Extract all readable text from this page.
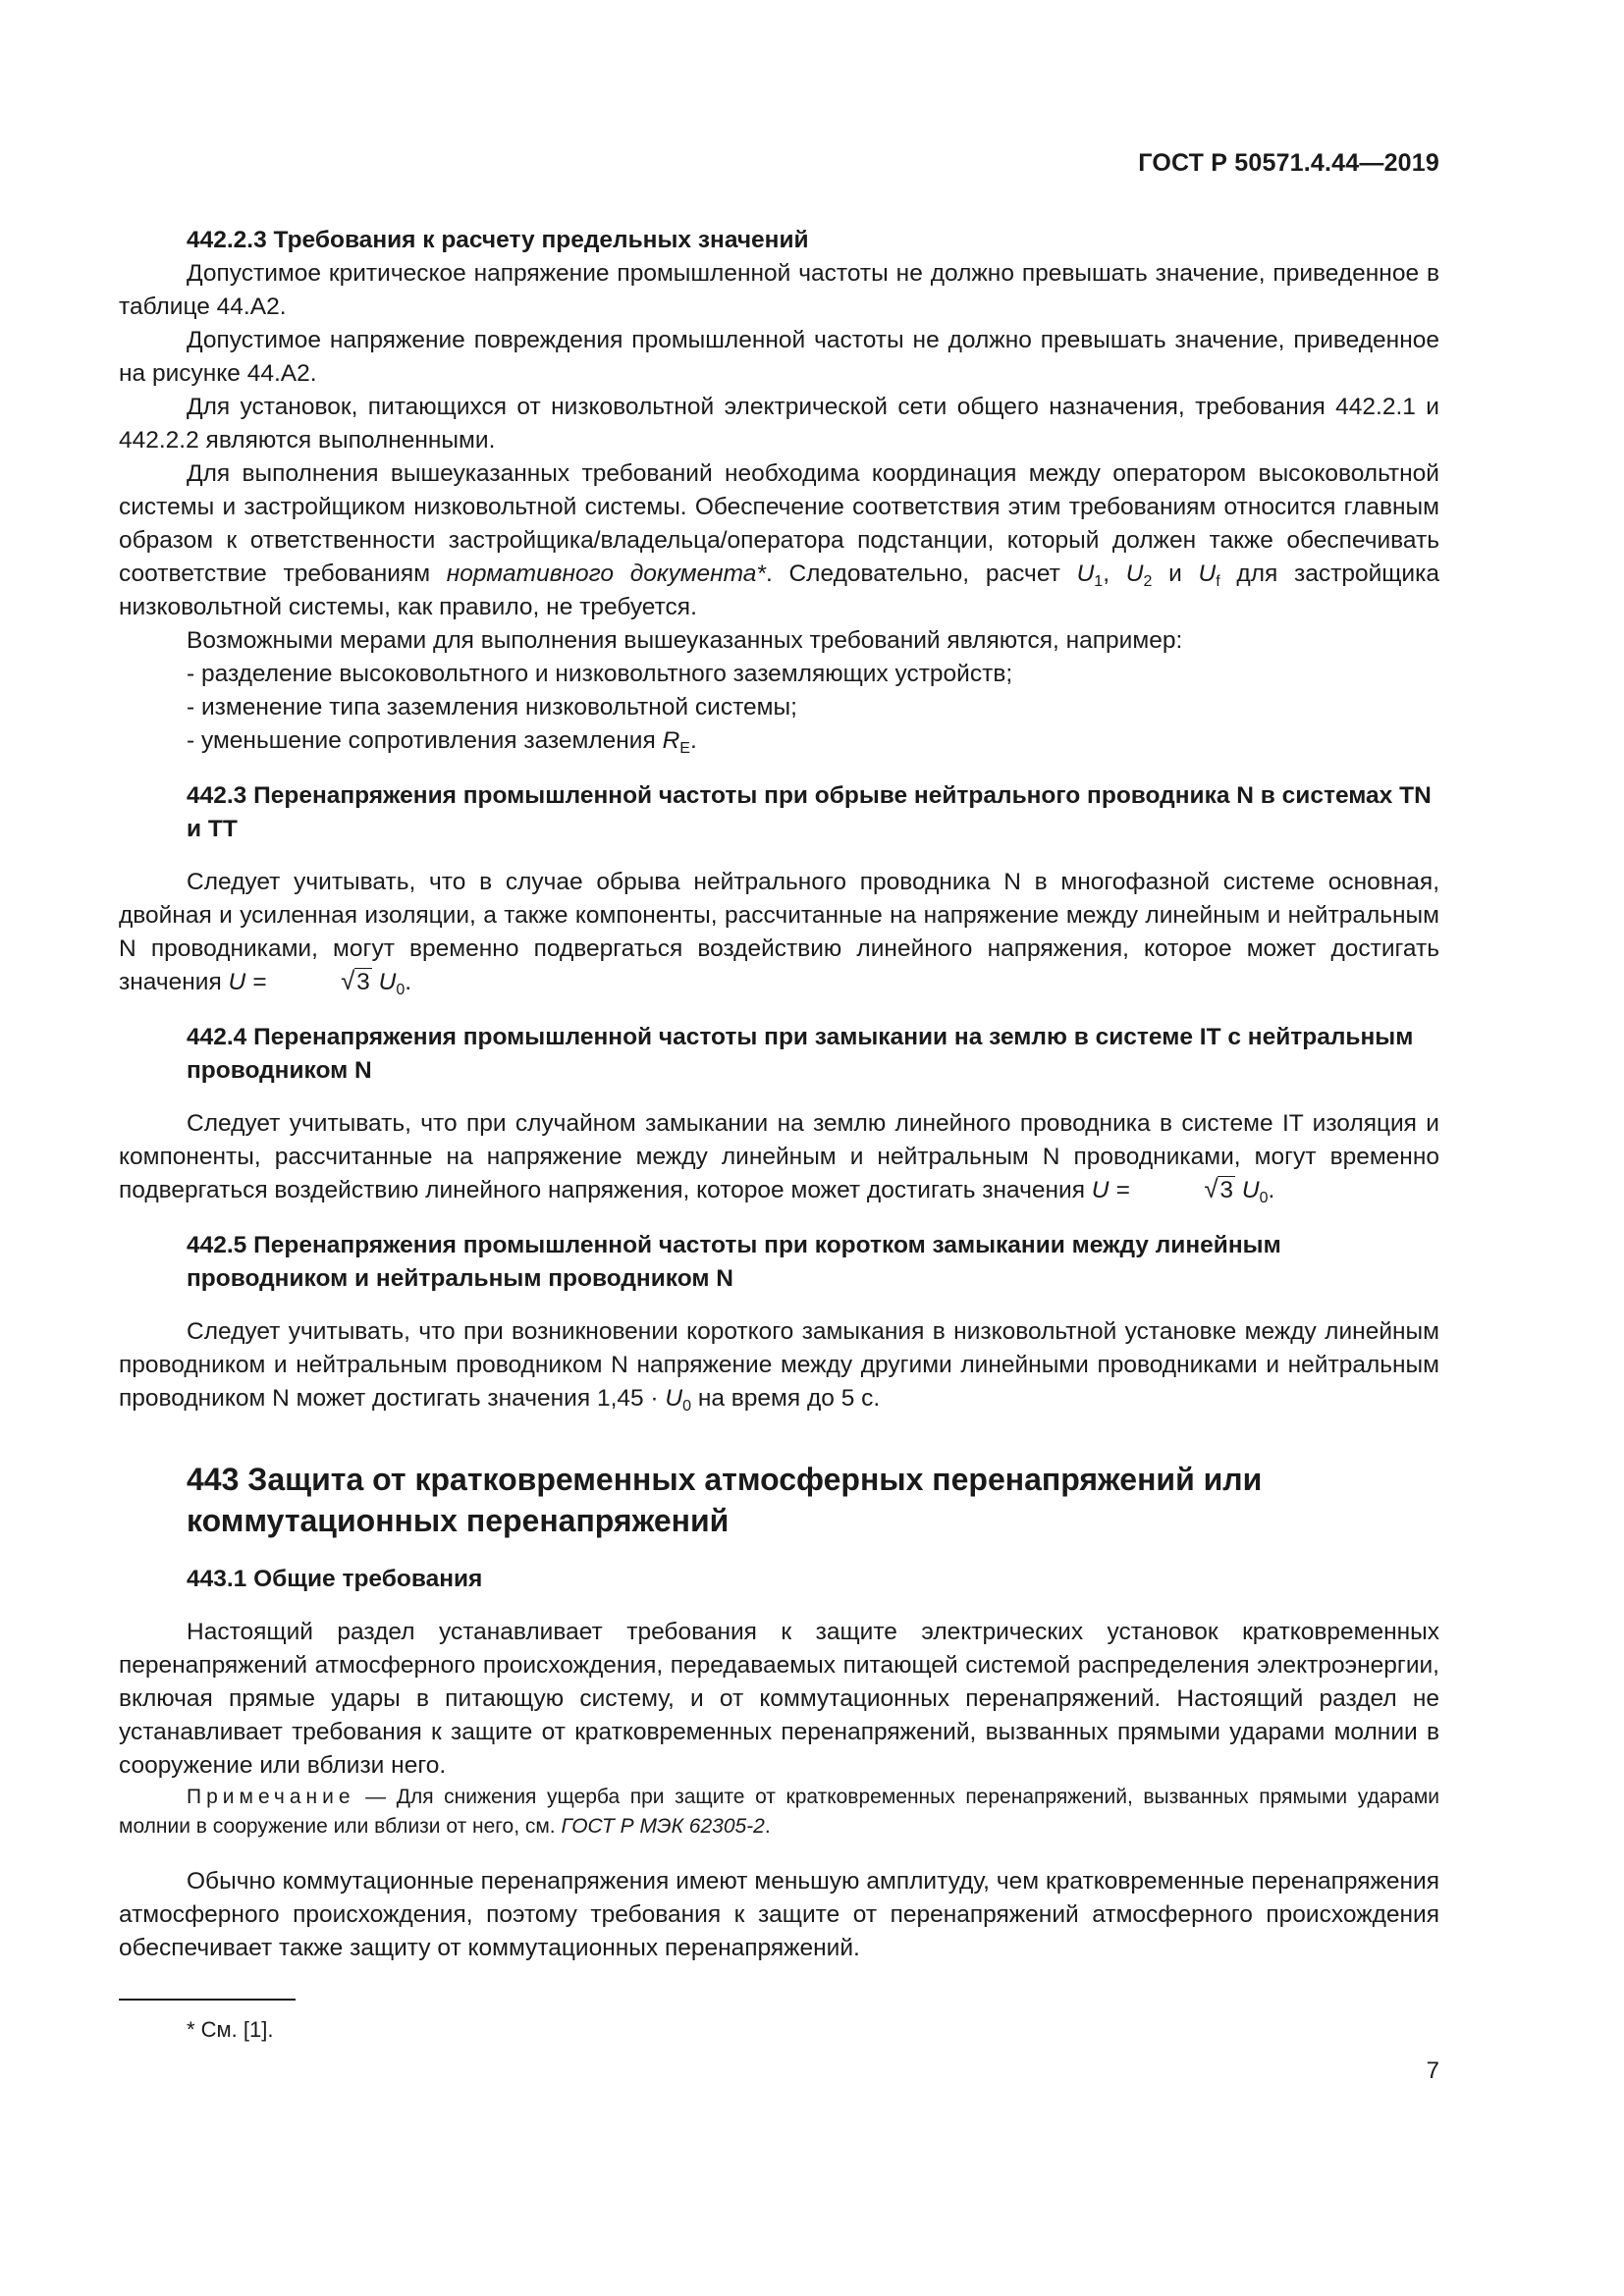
ГОСТ Р 50571.4.44—2019
442.2.3 Требования к расчету предельных значений

Допустимое критическое напряжение промышленной частоты не должно превышать значение, приведенное в таблице 44.А2.

Допустимое напряжение повреждения промышленной частоты не должно превышать значение, приведенное на рисунке 44.А2.

Для установок, питающихся от низковольтной электрической сети общего назначения, требования 442.2.1 и 442.2.2 являются выполненными.

Для выполнения вышеуказанных требований необходима координация между оператором высоковольтной системы и застройщиком низковольтной системы. Обеспечение соответствия этим требованиям относится главным образом к ответственности застройщика/владельца/оператора подстанции, который должен также обеспечивать соответствие требованиям нормативного документа*. Следовательно, расчет $U_1$, $U_2$ и $U_f$ для застройщика низковольтной системы, как правило, не требуется.

Возможными мерами для выполнения вышеуказанных требований являются, например:

- разделение высоковольтного и низковольтного заземляющих устройств;
- изменение типа заземления низковольтной системы;
- уменьшение сопротивления заземления $R_E$.
442.3 Перенапряжения промышленной частоты при обрыве нейтрального проводника N в системах TN и TT

Следует учитывать, что в случае обрыва нейтрального проводника N в многофазной системе основная, двойная и усиленная изоляции, а также компоненты, рассчитанные на напряжение между линейным и нейтральным N проводниками, могут временно подвергаться воздействию линейного напряжения, которое может достигать значения U =	√ 3 $U_0$.

442.4 Перенапряжения промышленной частоты при замыкании на землю в системе IT с нейтральным проводником N

Следует учитывать, что при случайном замыкании на землю линейного проводника в системе IT изоляция и компоненты, рассчитанные на напряжение между линейным и нейтральным N проводниками, могут временно подвергаться воздействию линейного напряжения, которое может достигать значения U =	√ 3 $U_0$.

442.5 Перенапряжения промышленной частоты при коротком замыкании между линейным проводником и нейтральным проводником N

Следует учитывать, что при возникновении короткого замыкания в низковольтной установке между линейным проводником и нейтральным проводником N напряжение между другими линейными проводниками и нейтральным проводником N может достигать значения $1,45 \cdot U_0$ на время до 5 с.

443 Защита от кратковременных атмосферных перенапряжений или коммутационных перенапряжений
443.1 Общие требования

Настоящий раздел устанавливает требования к защите электрических установок кратковременных перенапряжений атмосферного происхождения, передаваемых питающей системой распределения электроэнергии, включая прямые удары в питающую систему, и от коммутационных перенапряжений. Настоящий раздел не устанавливает требования к защите от кратковременных перенапряжений, вызванных прямыми ударами молнии в сооружение или вблизи него.

Примечание — Для снижения ущерба при защите от кратковременных перенапряжений, вызванных прямыми ударами молнии в сооружение или вблизи от него, см. ГОСТ Р МЭК 62305-2.

Обычно коммутационные перенапряжения имеют меньшую амплитуду, чем кратковременные перенапряжения атмосферного происхождения, поэтому требования к защите от перенапряжений атмосферного происхождения обеспечивает также защиту от коммутационных перенапряжений.

* См. [1].
7
